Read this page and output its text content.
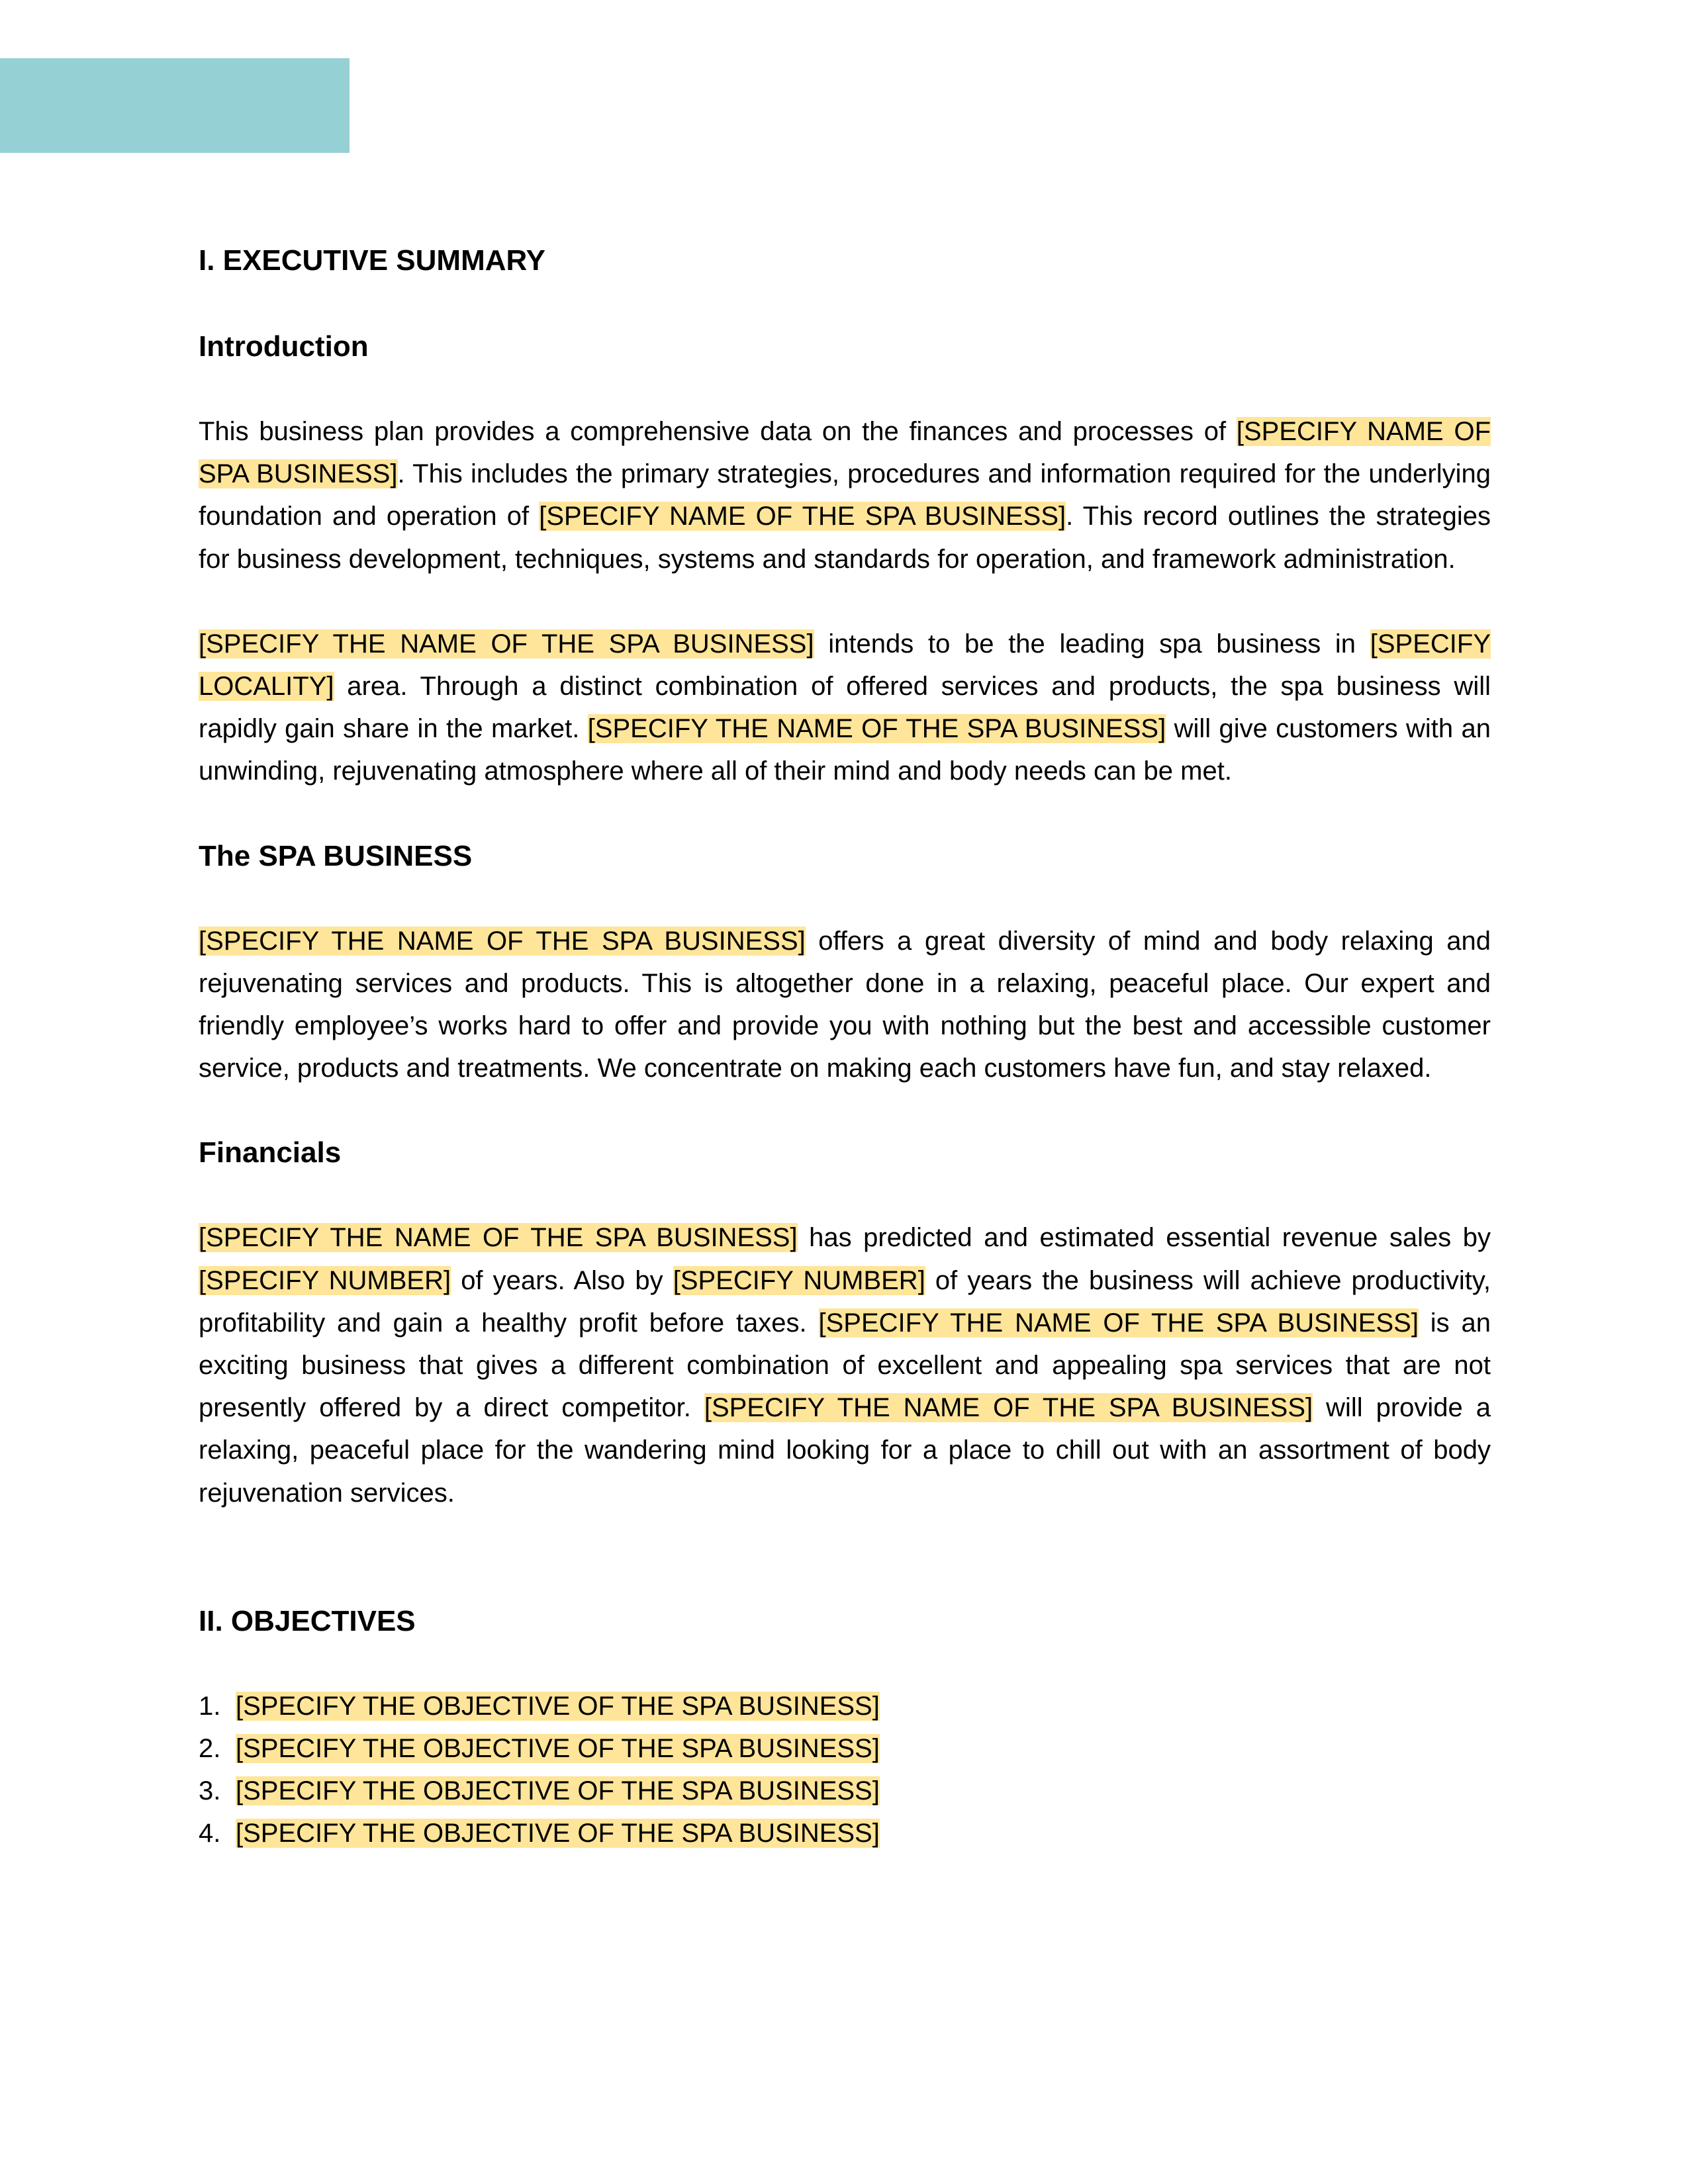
I. EXECUTIVE SUMMARY
Introduction

This business plan provides a comprehensive data on the finances and processes of [SPECIFY NAME OF SPA BUSINESS]. This includes the primary strategies, procedures and information required for the underlying foundation and operation of [SPECIFY NAME OF THE SPA BUSINESS]. This record outlines the strategies for business development, techniques, systems and standards for operation, and framework administration.

[SPECIFY THE NAME OF THE SPA BUSINESS] intends to be the leading spa business in [SPECIFY LOCALITY] area. Through a distinct combination of offered services and products, the spa business will rapidly gain share in the market. [SPECIFY THE NAME OF THE SPA BUSINESS] will give customers with an unwinding, rejuvenating atmosphere where all of their mind and body needs can be met.

The SPA BUSINESS

[SPECIFY THE NAME OF THE SPA BUSINESS] offers a great diversity of mind and body relaxing and rejuvenating services and products. This is altogether done in a relaxing, peaceful place. Our expert and friendly employee’s works hard to offer and provide you with nothing but the best and accessible customer service, products and treatments. We concentrate on making each customers have fun, and stay relaxed.

Financials

[SPECIFY THE NAME OF THE SPA BUSINESS] has predicted and estimated essential revenue sales by [SPECIFY NUMBER] of years. Also by [SPECIFY NUMBER] of years the business will achieve productivity, profitability and gain a healthy profit before taxes. [SPECIFY THE NAME OF THE SPA BUSINESS] is an exciting business that gives a different combination of excellent and appealing spa services that are not presently offered by a direct competitor. [SPECIFY THE NAME OF THE SPA BUSINESS] will provide a relaxing, peaceful place for the wandering mind looking for a place to chill out with an assortment of body rejuvenation services.

II. OBJECTIVES
1. [SPECIFY THE OBJECTIVE OF THE SPA BUSINESS]
2. [SPECIFY THE OBJECTIVE OF THE SPA BUSINESS]
3. [SPECIFY THE OBJECTIVE OF THE SPA BUSINESS]
4. [SPECIFY THE OBJECTIVE OF THE SPA BUSINESS]
